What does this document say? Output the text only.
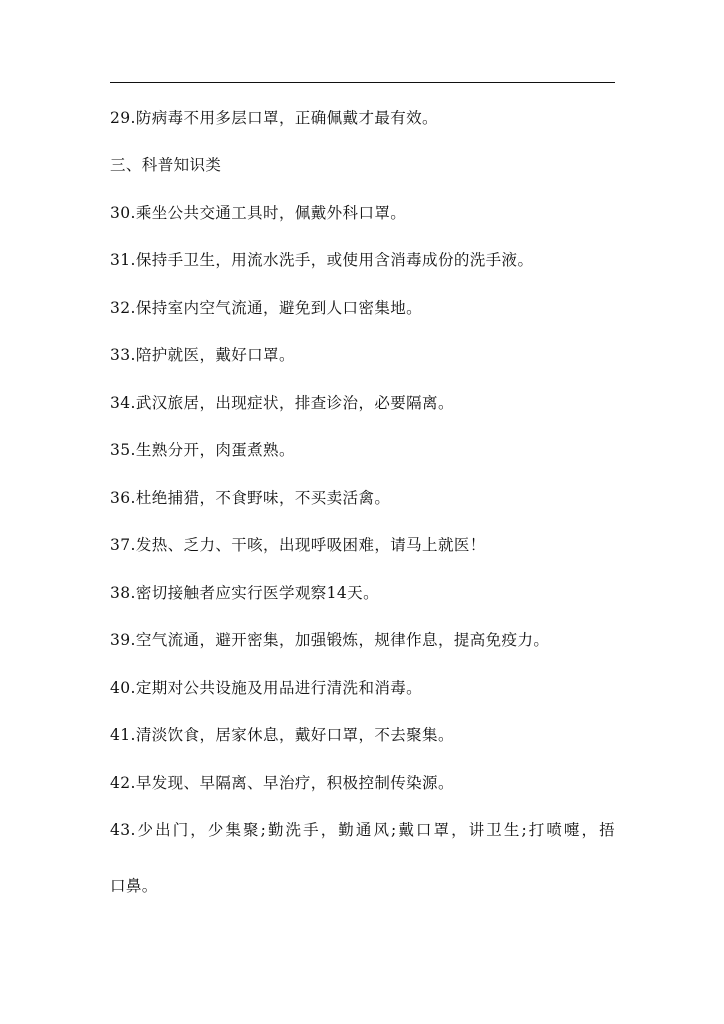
29.防病毒不用多层口罩，正确佩戴才最有效。
三、科普知识类
30.乘坐公共交通工具时，佩戴外科口罩。
31.保持手卫生，用流水洗手，或使用含消毒成份的洗手液。
32.保持室内空气流通，避免到人口密集地。
33.陪护就医，戴好口罩。
34.武汉旅居，出现症状，排查诊治，必要隔离。
35.生熟分开，肉蛋煮熟。
36.杜绝捕猎，不食野味，不买卖活禽。
37.发热、乏力、干咳，出现呼吸困难，请马上就医！
38.密切接触者应实行医学观察14天。
39.空气流通，避开密集，加强锻炼，规律作息，提高免疫力。
40.定期对公共设施及用品进行清洗和消毒。
41.清淡饮食，居家休息，戴好口罩，不去聚集。
42.早发现、早隔离、早治疗，积极控制传染源。
43.少出门，少集聚;勤洗手，勤通风;戴口罩，讲卫生;打喷嚏，捂
口鼻。
